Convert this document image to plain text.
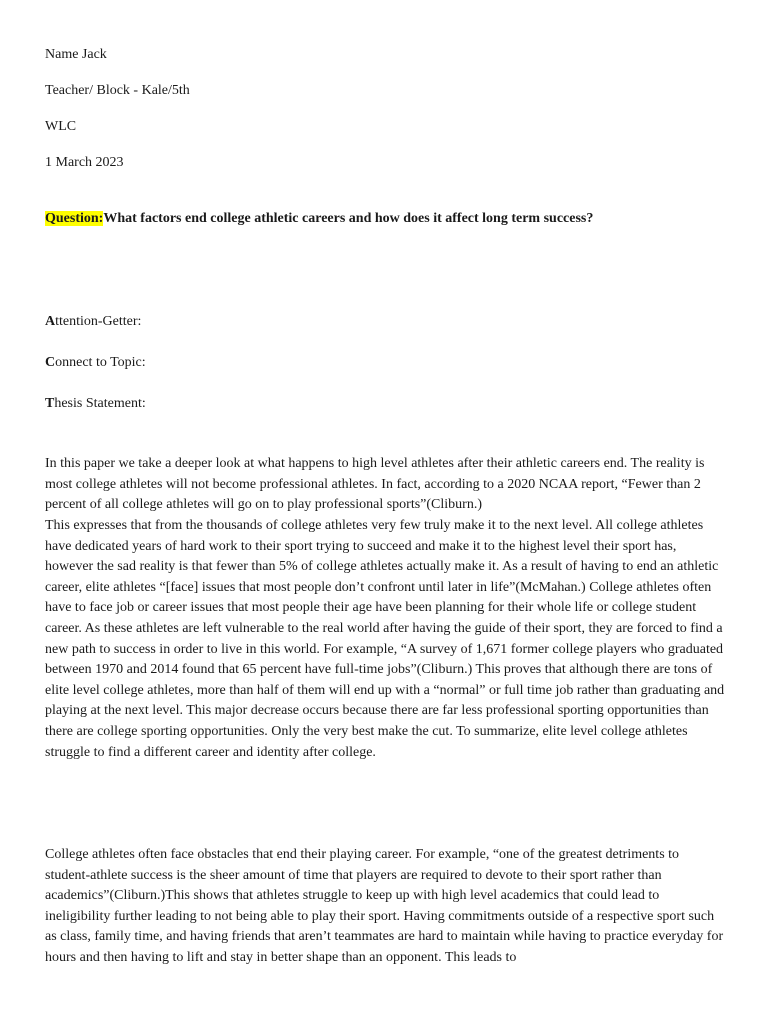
Name Jack
Teacher/ Block - Kale/5th
WLC
1 March 2023
Question:What factors end college athletic careers and how does it affect long term success?
Attention-Getter:
Connect to Topic:
Thesis Statement:
In this paper we take a deeper look at what happens to high level athletes after their athletic careers end. The reality is most college athletes will not become professional athletes. In fact, according to a 2020 NCAA report, “Fewer than 2 percent of all college athletes will go on to play professional sports”(Cliburn.)
This expresses that from the thousands of college athletes very few truly make it to the next level. All college athletes have dedicated years of hard work to their sport trying to succeed and make it to the highest level their sport has, however the sad reality is that fewer than 5% of college athletes actually make it. As a result of having to end an athletic career, elite athletes “[face] issues that most people don’t confront until later in life”(McMahan.) College athletes often have to face job or career issues that most people their age have been planning for their whole life or college student career. As these athletes are left vulnerable to the real world after having the guide of their sport, they are forced to find a new path to success in order to live in this world. For example, “A survey of 1,671 former college players who graduated between 1970 and 2014 found that 65 percent have full-time jobs”(Cliburn.) This proves that although there are tons of elite level college athletes, more than half of them will end up with a “normal” or full time job rather than graduating and playing at the next level. This major decrease occurs because there are far less professional sporting opportunities than there are college sporting opportunities. Only the very best make the cut. To summarize, elite level college athletes struggle to find a different career and identity after college.
College athletes often face obstacles that end their playing career. For example, “one of the greatest detriments to student-athlete success is the sheer amount of time that players are required to devote to their sport rather than academics”(Cliburn.)This shows that athletes struggle to keep up with high level academics that could lead to ineligibility further leading to not being able to play their sport. Having commitments outside of a respective sport such as class, family time, and having friends that aren’t teammates are hard to maintain while having to practice everyday for hours and then having to lift and stay in better shape than an opponent. This leads to
